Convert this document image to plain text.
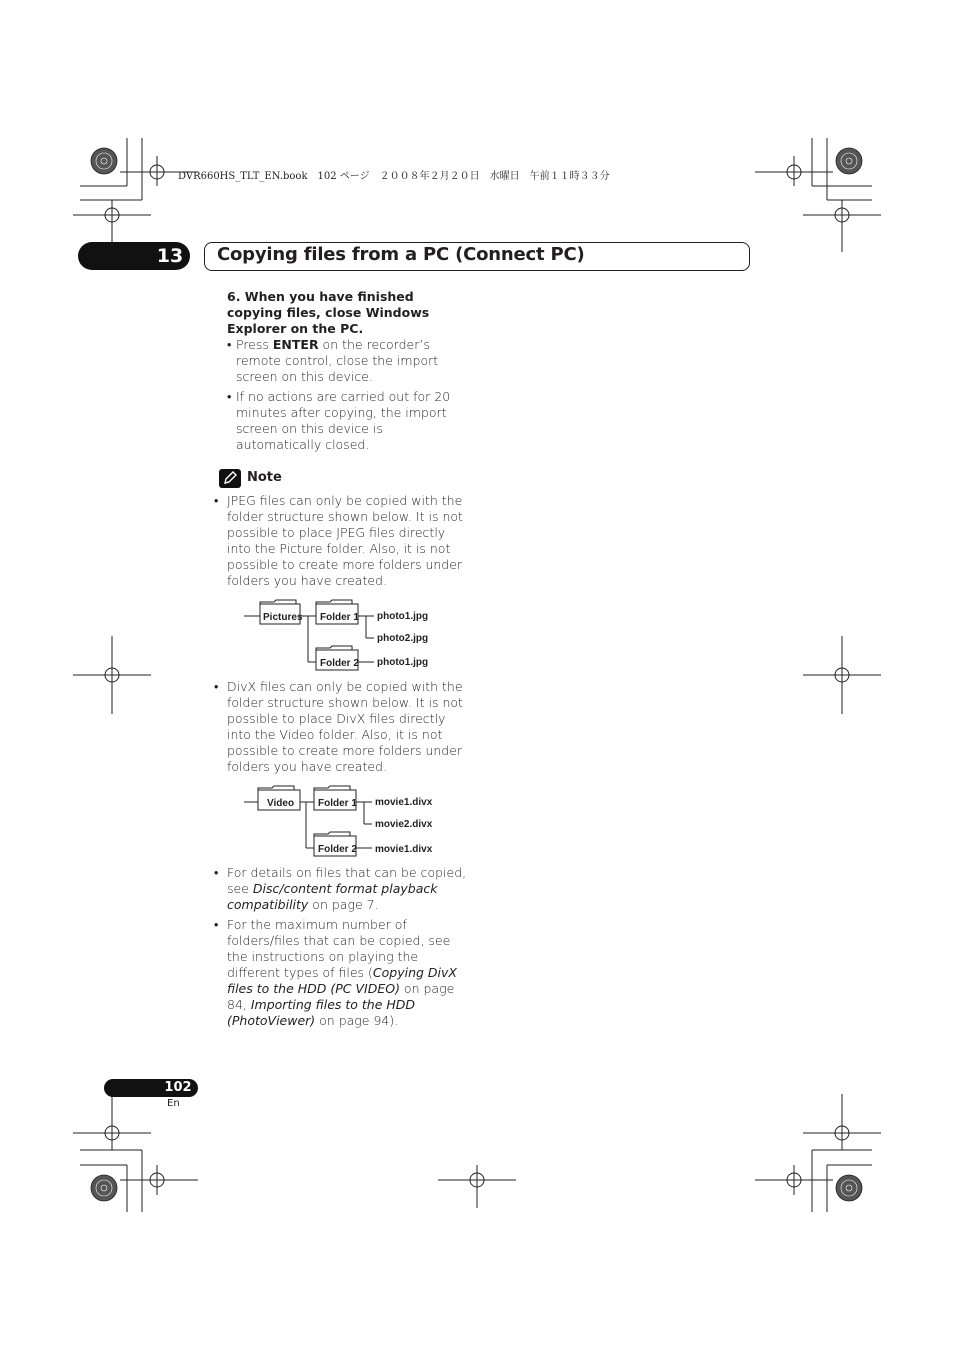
DVR660HS_TLT_EN.book　102 ページ　２００８年２月２０日　水曜日　午前１１時３３分
13	Copying files from a PC (Connect PC)

6. When you have finished copying files, close Windows Explorer on the PC.

• Press ENTER on the recorder’s remote control, close the import screen on this device.

• If no actions are carried out for 20 minutes after copying, the import screen on this device is automatically closed.

Note

• JPEG files can only be copied with the folder structure shown below. It is not possible to place JPEG files directly into the Picture folder. Also, it is not possible to create more folders under folders you have created.

Pictures Folder 1
Folder 2
photo1.jpg
photo2.jpg
photo1.jpg

• DivX files can only be copied with the folder structure shown below. It is not possible to place DivX files directly into the Video folder. Also, it is not possible to create more folders under folders you have created.

Video Folder 1
Folder 2
movie1.divx
movie2.divx
movie1.divx

• For details on files that can be copied, see Disc/content format playback compatibility on page 7.

• For the maximum number of folders/files that can be copied, see the instructions on playing the different types of files (Copying DivX files to the HDD (PC VIDEO) on page 84, Importing files to the HDD (PhotoViewer) on page 94).

102
En
